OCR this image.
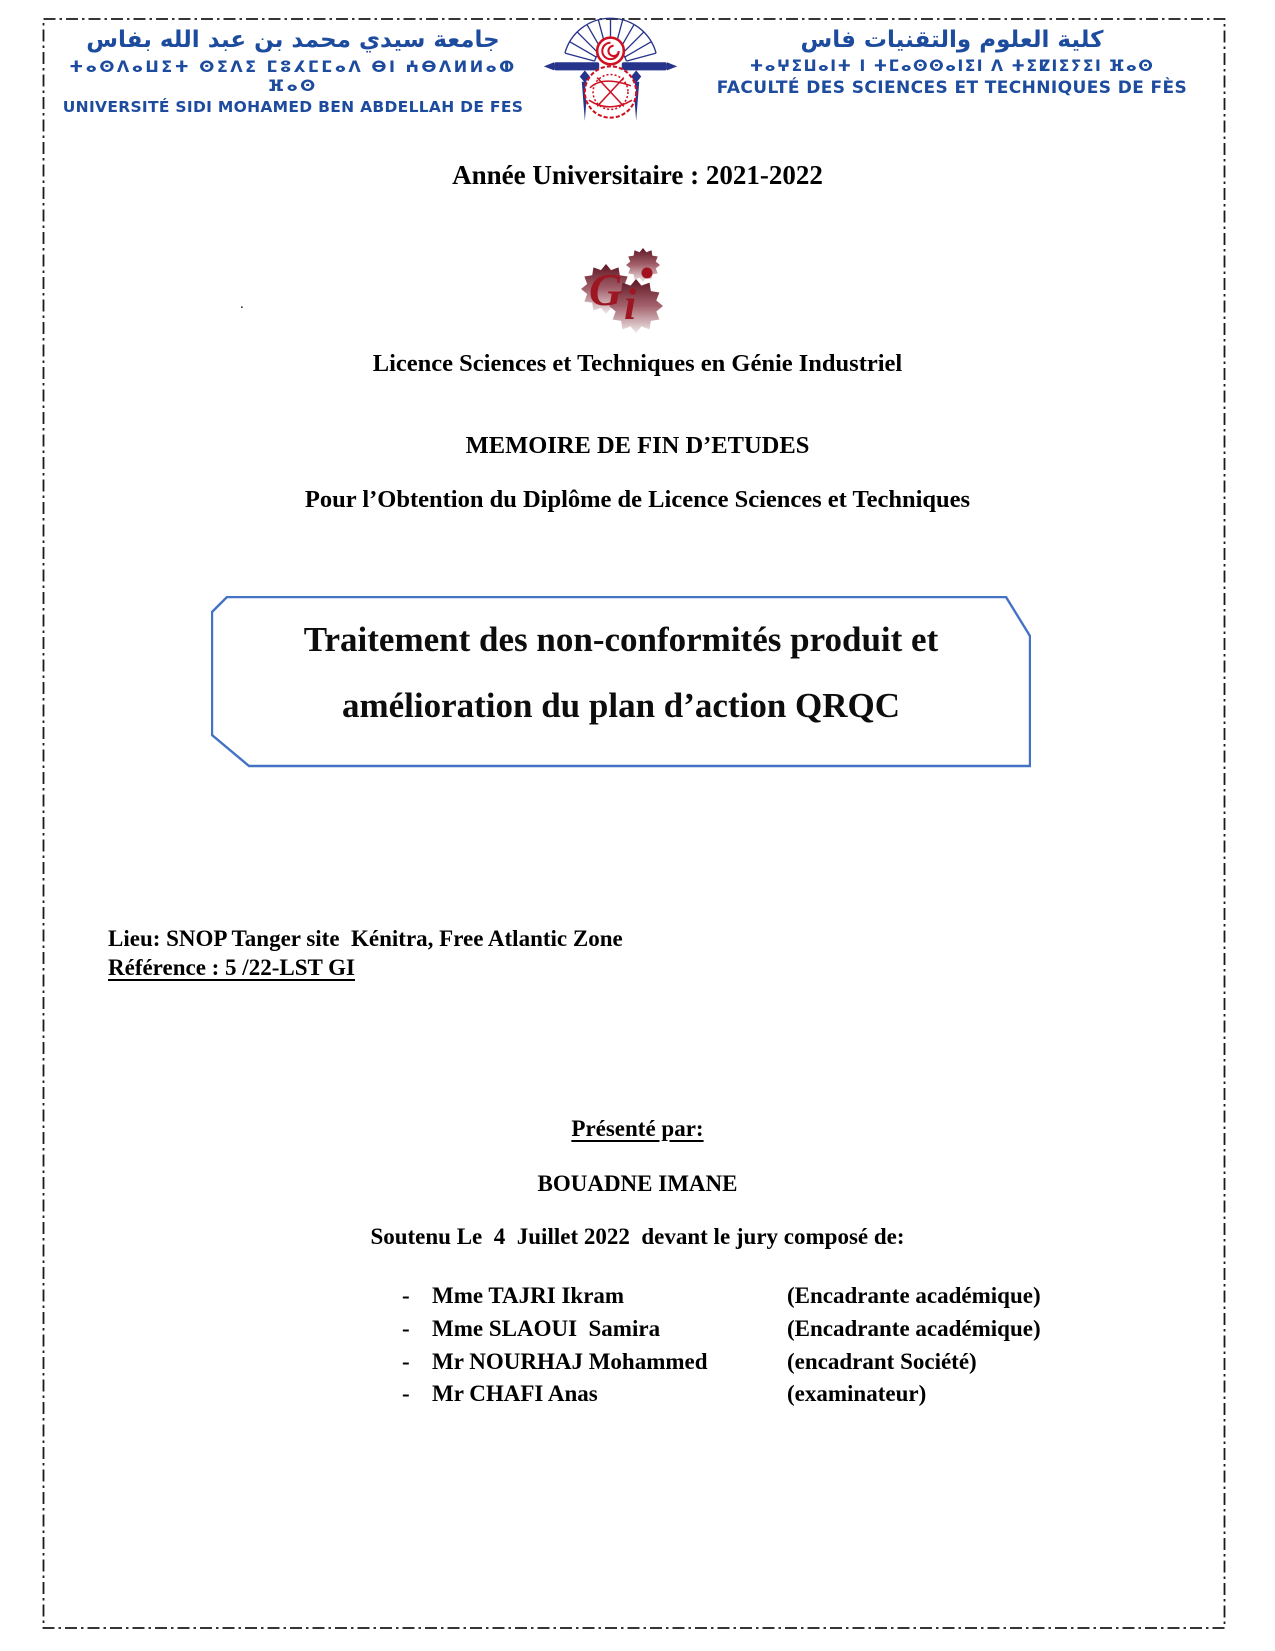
جامعة سيدي محمد بن عبد الله بفاس
ⵜⴰⵙⴷⴰⵡⵉⵜ ⵙⵉⴷⵉ ⵎⵓⵃⵎⵎⴰⴷ ⴱⵏ ⵄⴱⴷⵍⵍⴰⵀ ⴼⴰⵙ
UNIVERSITÉ SIDI MOHAMED BEN ABDELLAH DE FES
كلية العلوم والتقنيات فاس
ⵜⴰⵖⵉⵡⴰⵏⵜ ⵏ ⵜⵎⴰⵙⵙⴰⵏⵉⵏ ⴷ ⵜⵉⵇⵏⵉⵢⵉⵏ ⴼⴰⵙ
FACULTÉ DES SCIENCES ET TECHNIQUES DE FÈS
Année Universitaire : 2021-2022
G i
.
Licence Sciences et Techniques en Génie Industriel
MEMOIRE DE FIN D’ETUDES
Pour l’Obtention du Diplôme de Licence Sciences et Techniques
Traitement des non-conformités produit et
amélioration du plan d’action QRQC
Lieu: SNOP Tanger site  Kénitra, Free Atlantic Zone
Référence : 5 /22-LST GI
Présenté par:
BOUADNE IMANE
Soutenu Le  4  Juillet 2022  devant le jury composé de:
- Mme TAJRI Ikram	(Encadrante académique)
- Mme SLAOUI  Samira	(Encadrante académique)
- Mr NOURHAJ Mohammed	(encadrant Société)
- Mr CHAFI Anas	(examinateur)
